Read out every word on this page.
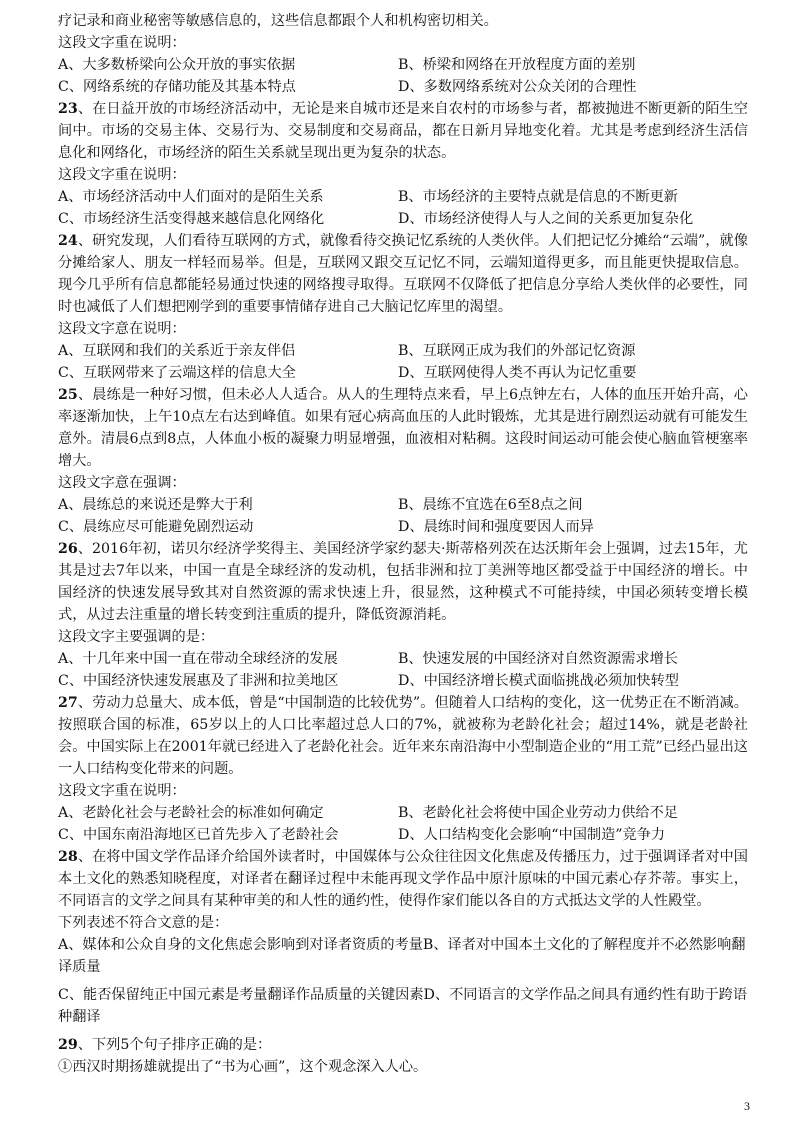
疗记录和商业秘密等敏感信息的，这些信息都跟个人和机构密切相关。
这段文字重在说明：
A、大多数桥梁向公众开放的事实依据	B、桥梁和网络在开放程度方面的差别
C、网络系统的存储功能及其基本特点	D、多数网络系统对公众关闭的合理性
23、在日益开放的市场经济活动中，无论是来自城市还是来自农村的市场参与者，都被抛进不断更新的陌生空间中。市场的交易主体、交易行为、交易制度和交易商品，都在日新月异地变化着。尤其是考虑到经济生活信息化和网络化，市场经济的陌生关系就呈现出更为复杂的状态。
这段文字重在说明：
A、市场经济活动中人们面对的是陌生关系	B、市场经济的主要特点就是信息的不断更新
C、市场经济生活变得越来越信息化网络化	D、市场经济使得人与人之间的关系更加复杂化
24、研究发现，人们看待互联网的方式，就像看待交换记忆系统的人类伙伴。人们把记忆分摊给“云端”，就像分摊给家人、朋友一样轻而易举。但是，互联网又跟交互记忆不同，云端知道得更多，而且能更快提取信息。现今几乎所有信息都能轻易通过快速的网络搜寻取得。互联网不仅降低了把信息分享给人类伙伴的必要性，同时也减低了人们想把刚学到的重要事情储存进自己大脑记忆库里的渴望。
这段文字意在说明：
A、互联网和我们的关系近于亲友伴侣	B、互联网正成为我们的外部记忆资源
C、互联网带来了云端这样的信息大全	D、互联网使得人类不再认为记忆重要
25、晨练是一种好习惯，但未必人人适合。从人的生理特点来看，早上6点钟左右，人体的血压开始升高，心率逐渐加快，上午10点左右达到峰值。如果有冠心病高血压的人此时锻炼，尤其是进行剧烈运动就有可能发生意外。清晨6点到8点，人体血小板的凝聚力明显增强，血液相对粘稠。这段时间运动可能会使心脑血管梗塞率增大。
这段文字意在强调：
A、晨练总的来说还是弊大于利	B、晨练不宜选在6至8点之间
C、晨练应尽可能避免剧烈运动	D、晨练时间和强度要因人而异
26、2016年初，诺贝尔经济学奖得主、美国经济学家约瑟夫·斯蒂格列茨在达沃斯年会上强调，过去15年，尤其是过去7年以来，中国一直是全球经济的发动机，包括非洲和拉丁美洲等地区都受益于中国经济的增长。中国经济的快速发展导致其对自然资源的需求快速上升，很显然，这种模式不可能持续，中国必须转变增长模式，从过去注重量的增长转变到注重质的提升，降低资源消耗。
这段文字主要强调的是：
A、十几年来中国一直在带动全球经济的发展	B、快速发展的中国经济对自然资源需求增长
C、中国经济快速发展惠及了非洲和拉美地区	D、中国经济增长模式面临挑战必须加快转型
27、劳动力总量大、成本低，曾是“中国制造的比较优势”。但随着人口结构的变化，这一优势正在不断消减。按照联合国的标准，65岁以上的人口比率超过总人口的7%，就被称为老龄化社会；超过14%，就是老龄社会。中国实际上在2001年就已经进入了老龄化社会。近年来东南沿海中小型制造企业的“用工荒”已经凸显出这一人口结构变化带来的问题。
这段文字重在说明：
A、老龄化社会与老龄社会的标准如何确定	B、老龄化社会将使中国企业劳动力供给不足
C、中国东南沿海地区已首先步入了老龄社会	D、人口结构变化会影响“中国制造”竞争力
28、在将中国文学作品译介给国外读者时，中国媒体与公众往往因文化焦虑及传播压力，过于强调译者对中国本土文化的熟悉知晓程度，对译者在翻译过程中未能再现文学作品中原汁原味的中国元素心存芥蒂。事实上，不同语言的文学之间具有某种审美的和人性的通约性，使得作家们能以各自的方式抵达文学的人性殿堂。
下列表述不符合文意的是：
A、媒体和公众自身的文化焦虑会影响到对译者资质的考量B、译者对中国本土文化的了解程度并不必然影响翻译质量
C、能否保留纯正中国元素是考量翻译作品质量的关键因素D、不同语言的文学作品之间具有通约性有助于跨语种翻译
29、下列5个句子排序正确的是：
①西汉时期扬雄就提出了“书为心画”，这个观念深入人心。
3
